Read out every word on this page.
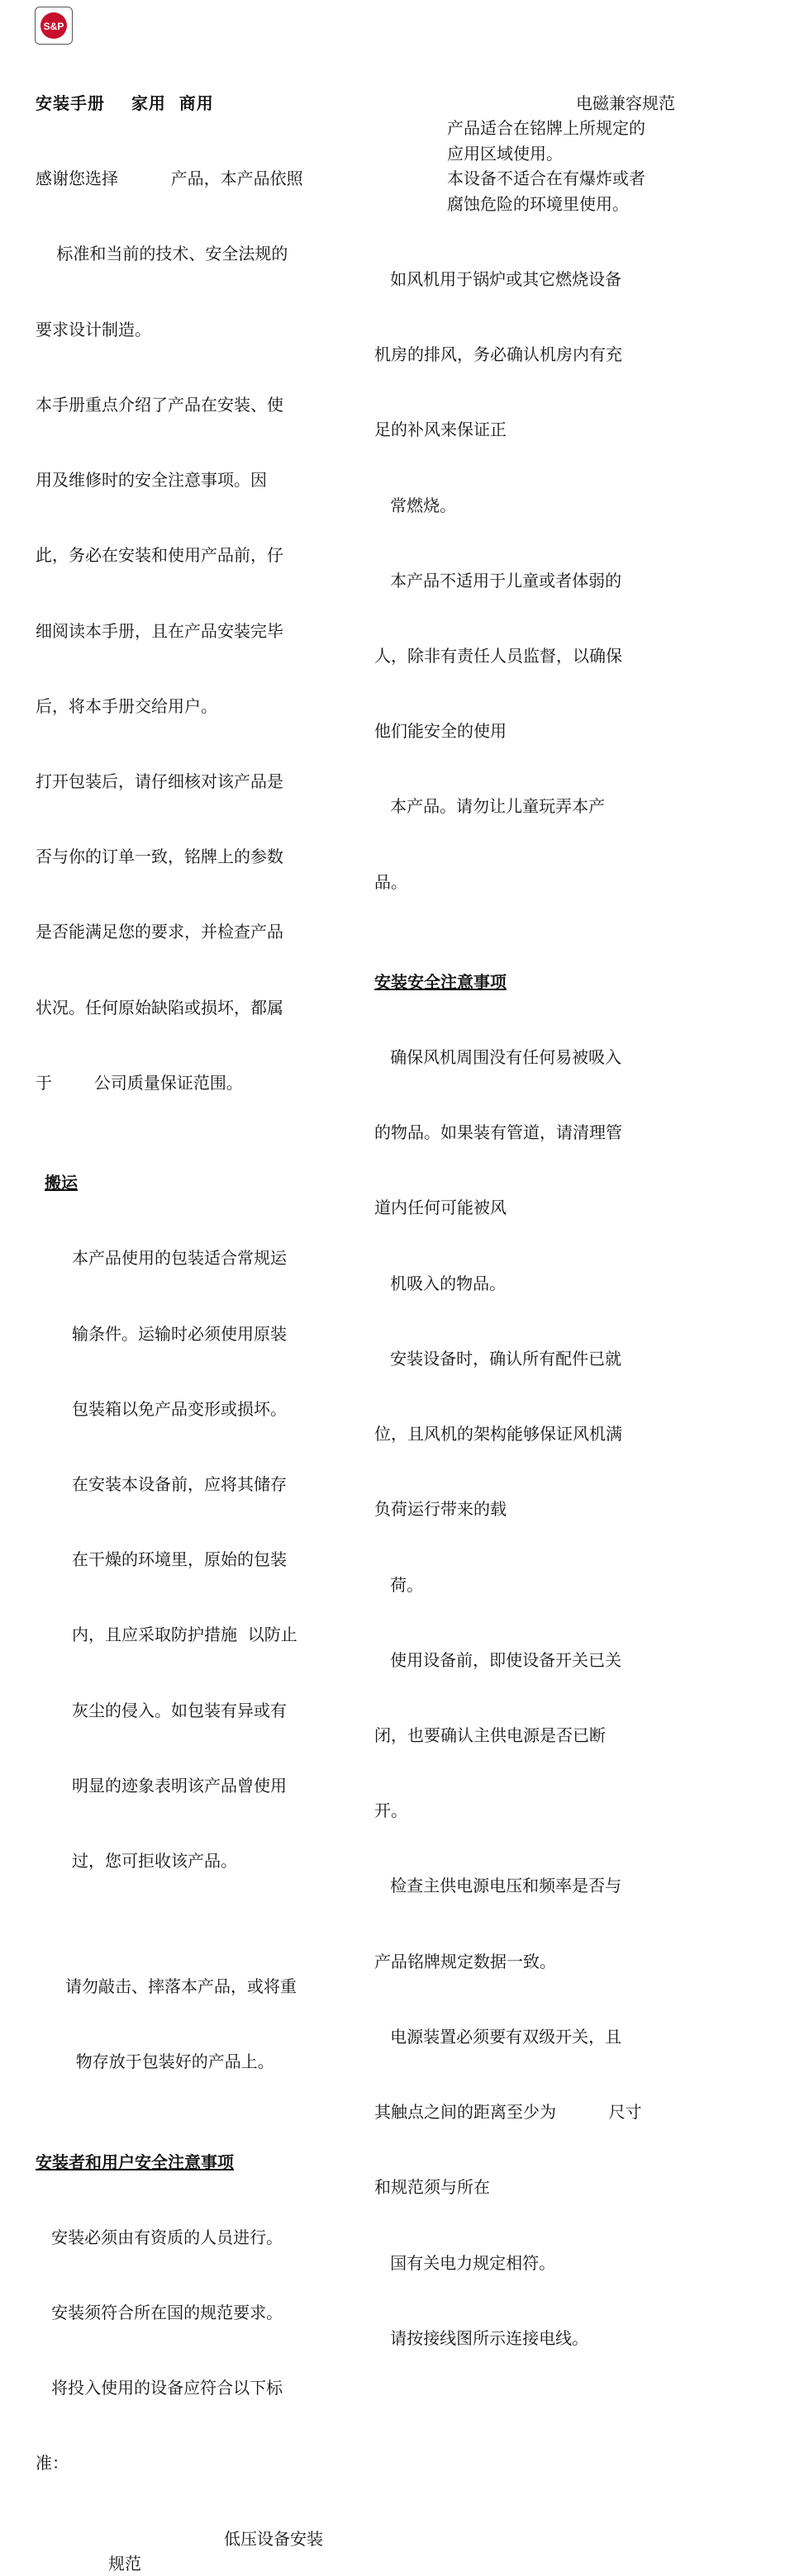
S&P

安装手册    家用  商用

感谢您选择          产品，本产品依照

标准和当前的技术、安全法规的

要求设计制造。

本手册重点介绍了产品在安装、使

用及维修时的安全注意事项。因

此，务必在安装和使用产品前，仔

细阅读本手册，且在产品安装完毕

后，将本手册交给用户。

打开包装后，请仔细核对该产品是

否与你的订单一致，铭牌上的参数

是否能满足您的要求，并检查产品

状况。任何原始缺陷或损坏，都属

于        公司质量保证范围。

搬运

本产品使用的包装适合常规运

输条件。运输时必须使用原装

包装箱以免产品变形或损坏。

在安装本设备前，应将其储存

在干燥的环境里，原始的包装

内，且应采取防护措施  以防止

灰尘的侵入。如包装有异或有

明显的迹象表明该产品曾使用

过，您可拒收该产品。

请勿敲击、摔落本产品，或将重

物存放于包装好的产品上。

安装者和用户安全注意事项

安装必须由有资质的人员进行。

安装须符合所在国的规范要求。

将投入使用的设备应符合以下标

准：

低压设备安装

规范

电磁兼容规范

产品适合在铭牌上所规定的

应用区域使用。

本设备不适合在有爆炸或者

腐蚀危险的环境里使用。

如风机用于锅炉或其它燃烧设备

机房的排风，务必确认机房内有充

足的补风来保证正

常燃烧。

本产品不适用于儿童或者体弱的

人，除非有责任人员监督，以确保

他们能安全的使用

本产品。请勿让儿童玩弄本产

品。

安装安全注意事项

确保风机周围没有任何易被吸入

的物品。如果装有管道，请清理管

道内任何可能被风

机吸入的物品。

安装设备时，确认所有配件已就

位，且风机的架构能够保证风机满

负荷运行带来的载

荷。

使用设备前，即使设备开关已关

闭，也要确认主供电源是否已断

开。

检查主供电源电压和频率是否与

产品铭牌规定数据一致。

电源装置必须要有双级开关，且

其触点之间的距离至少为          尺寸

和规范须与所在

国有关电力规定相符。

请按接线图所示连接电线。
